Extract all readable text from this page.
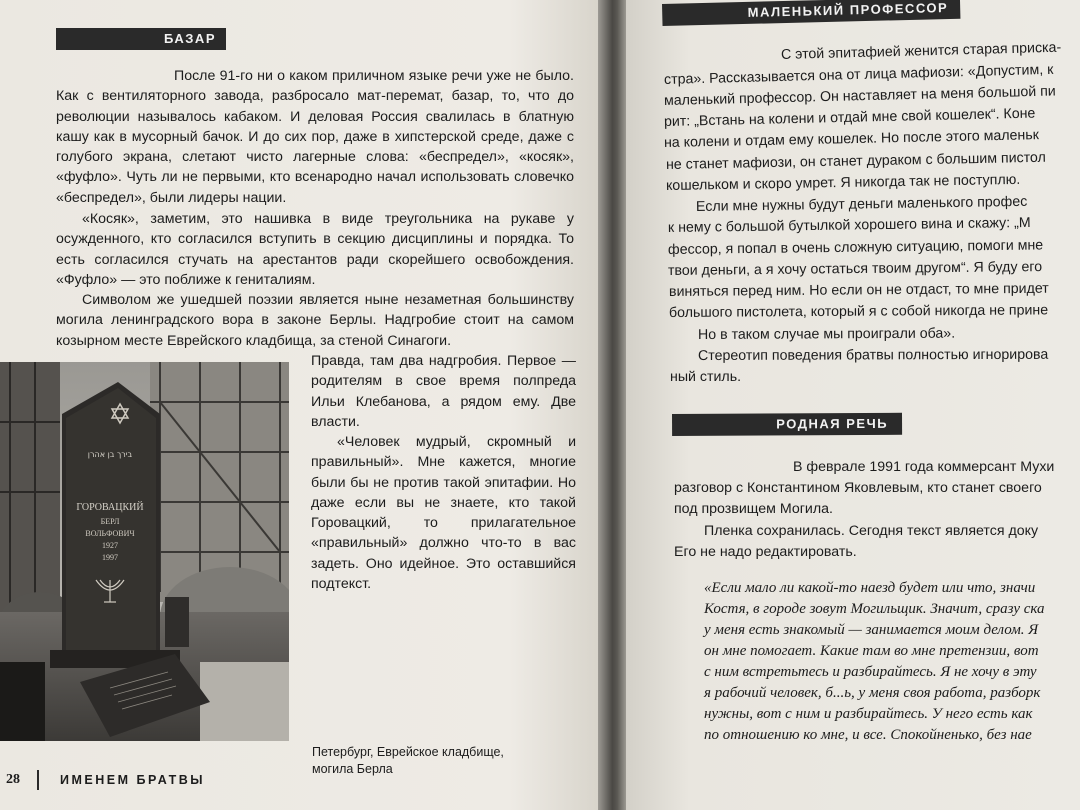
БАЗАР

После 91-го ни о каком приличном языке речи уже не было. Как с вентиляторного завода, разбросало мат-перемат, базар, то, что до революции называлось кабаком. И деловая Россия свалилась в блатную кашу как в мусорный бачок. И до сих пор, даже в хипстерской среде, даже с голубого экрана, слетают чисто лагерные слова: «беспредел», «косяк», «фуфло». Чуть ли не первыми, кто всенародно начал использовать словечко «беспредел», были лидеры нации.

«Косяк», заметим, это нашивка в виде треугольника на рукаве у осужденного, кто согласился вступить в секцию дисциплины и порядка. То есть согласился стучать на арестантов ради скорейшего освобождения. «Фуфло» — это поближе к гениталиям.

Символом же ушедшей поэзии является ныне незаметная большинству могила ленинградского вора в законе Берлы. Надгробие стоит на самом козырном месте Еврейского кладбища, за стеной Синагоги.

Правда, там два надгробия. Первое — родителям в свое время полпреда Ильи Клебанова, а рядом ему. Две власти.

«Человек мудрый, скромный и правильный». Мне кажется, многие были бы не против такой эпитафии. Но даже если вы не знаете, кто такой Горовацкий, то прилагательное «правильный» должно что-то в вас задеть. Оно идейное. Это оставшийся подтекст.

בירך בן אהרן
ГОРОВАЦКИЙ
БЕРЛ
ВОЛЬФОВИЧ
1927
1997
Петербург, Еврейское кладбище, могила Берла
28	ИМЕНЕМ БРАТВЫ
МАЛЕНЬКИЙ ПРОФЕССОР
С этой эпитафией женится старая приска-
стра». Рассказывается она от лица мафиози: «Допустим, к
маленький профессор. Он наставляет на меня большой пи
рит: „Встань на колени и отдай мне свой кошелек“. Коне
на колени и отдам ему кошелек. Но после этого маленьк
не станет мафиози, он станет дураком с большим пистол
кошельком и скоро умрет. Я никогда так не поступлю.
Если мне нужны будут деньги маленького профес
к нему с большой бутылкой хорошего вина и скажу: „М
фессор, я попал в очень сложную ситуацию, помоги мне
твои деньги, а я хочу остаться твоим другом“. Я буду его
виняться перед ним. Но если он не отдаст, то мне придет
большого пистолета, который я с собой никогда не прине
Но в таком случае мы проиграли оба».
Стереотип поведения братвы полностью игнорирова
ный стиль.
РОДНАЯ РЕЧЬ
В феврале 1991 года коммерсант Мухи
разговор с Константином Яковлевым, кто станет своего
под прозвищем Могила.
Пленка сохранилась. Сегодня текст является доку
Его не надо редактировать.
«Если мало ли какой-то наезд будет или что, значи
Костя, в городе зовут Могильщик. Значит, сразу ска
у меня есть знакомый — занимается моим делом. Я
он мне помогает. Какие там во мне претензии, вот
с ним встретьтесь и разбирайтесь. Я не хочу в эту
я рабочий человек, б...ь, у меня своя работа, разборк
нужны, вот с ним и разбирайтесь. У него есть как
по отношению ко мне, и все. Спокойненько, без нае
